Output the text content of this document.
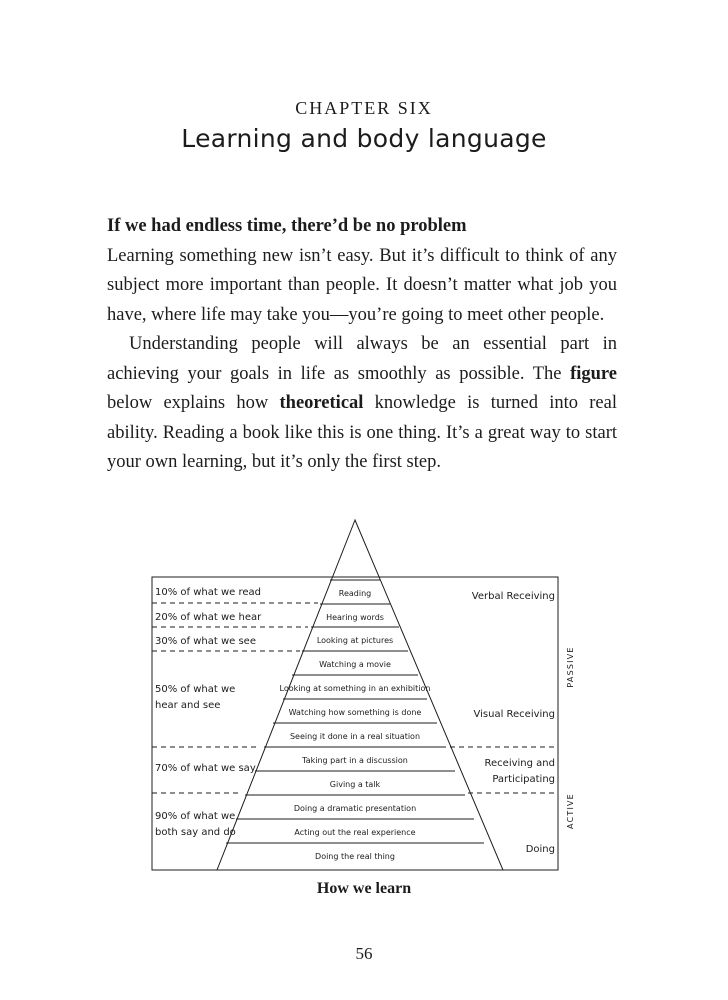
CHAPTER SIX
Learning and body language
If we had endless time, there’d be no problem

Learning something new isn’t easy. But it’s difficult to think of any subject more important than people. It doesn’t matter what job you have, where life may take you—you’re going to meet other people.

Understanding people will always be an essential part in achieving your goals in life as smoothly as possible. The figure below explains how theoretical knowledge is turned into real ability. Reading a book like this is one thing. It’s a great way to start your own learning, but it’s only the first step.

Reading
Hearing words
Looking at pictures
Watching a movie
Looking at something in an exhibition
Watching how something is done
Seeing it done in a real situation
Taking part in a discussion
Giving a talk
Doing a dramatic presentation
Acting out the real experience
Doing the real thing
10% of what we read
20% of what we hear
30% of what we see
50% of what we
hear and see
70% of what we say
90% of what we
both say and do
Verbal Receiving
Visual Receiving
Receiving and
Participating
Doing
PASSIVE
ACTIVE
How we learn
56
